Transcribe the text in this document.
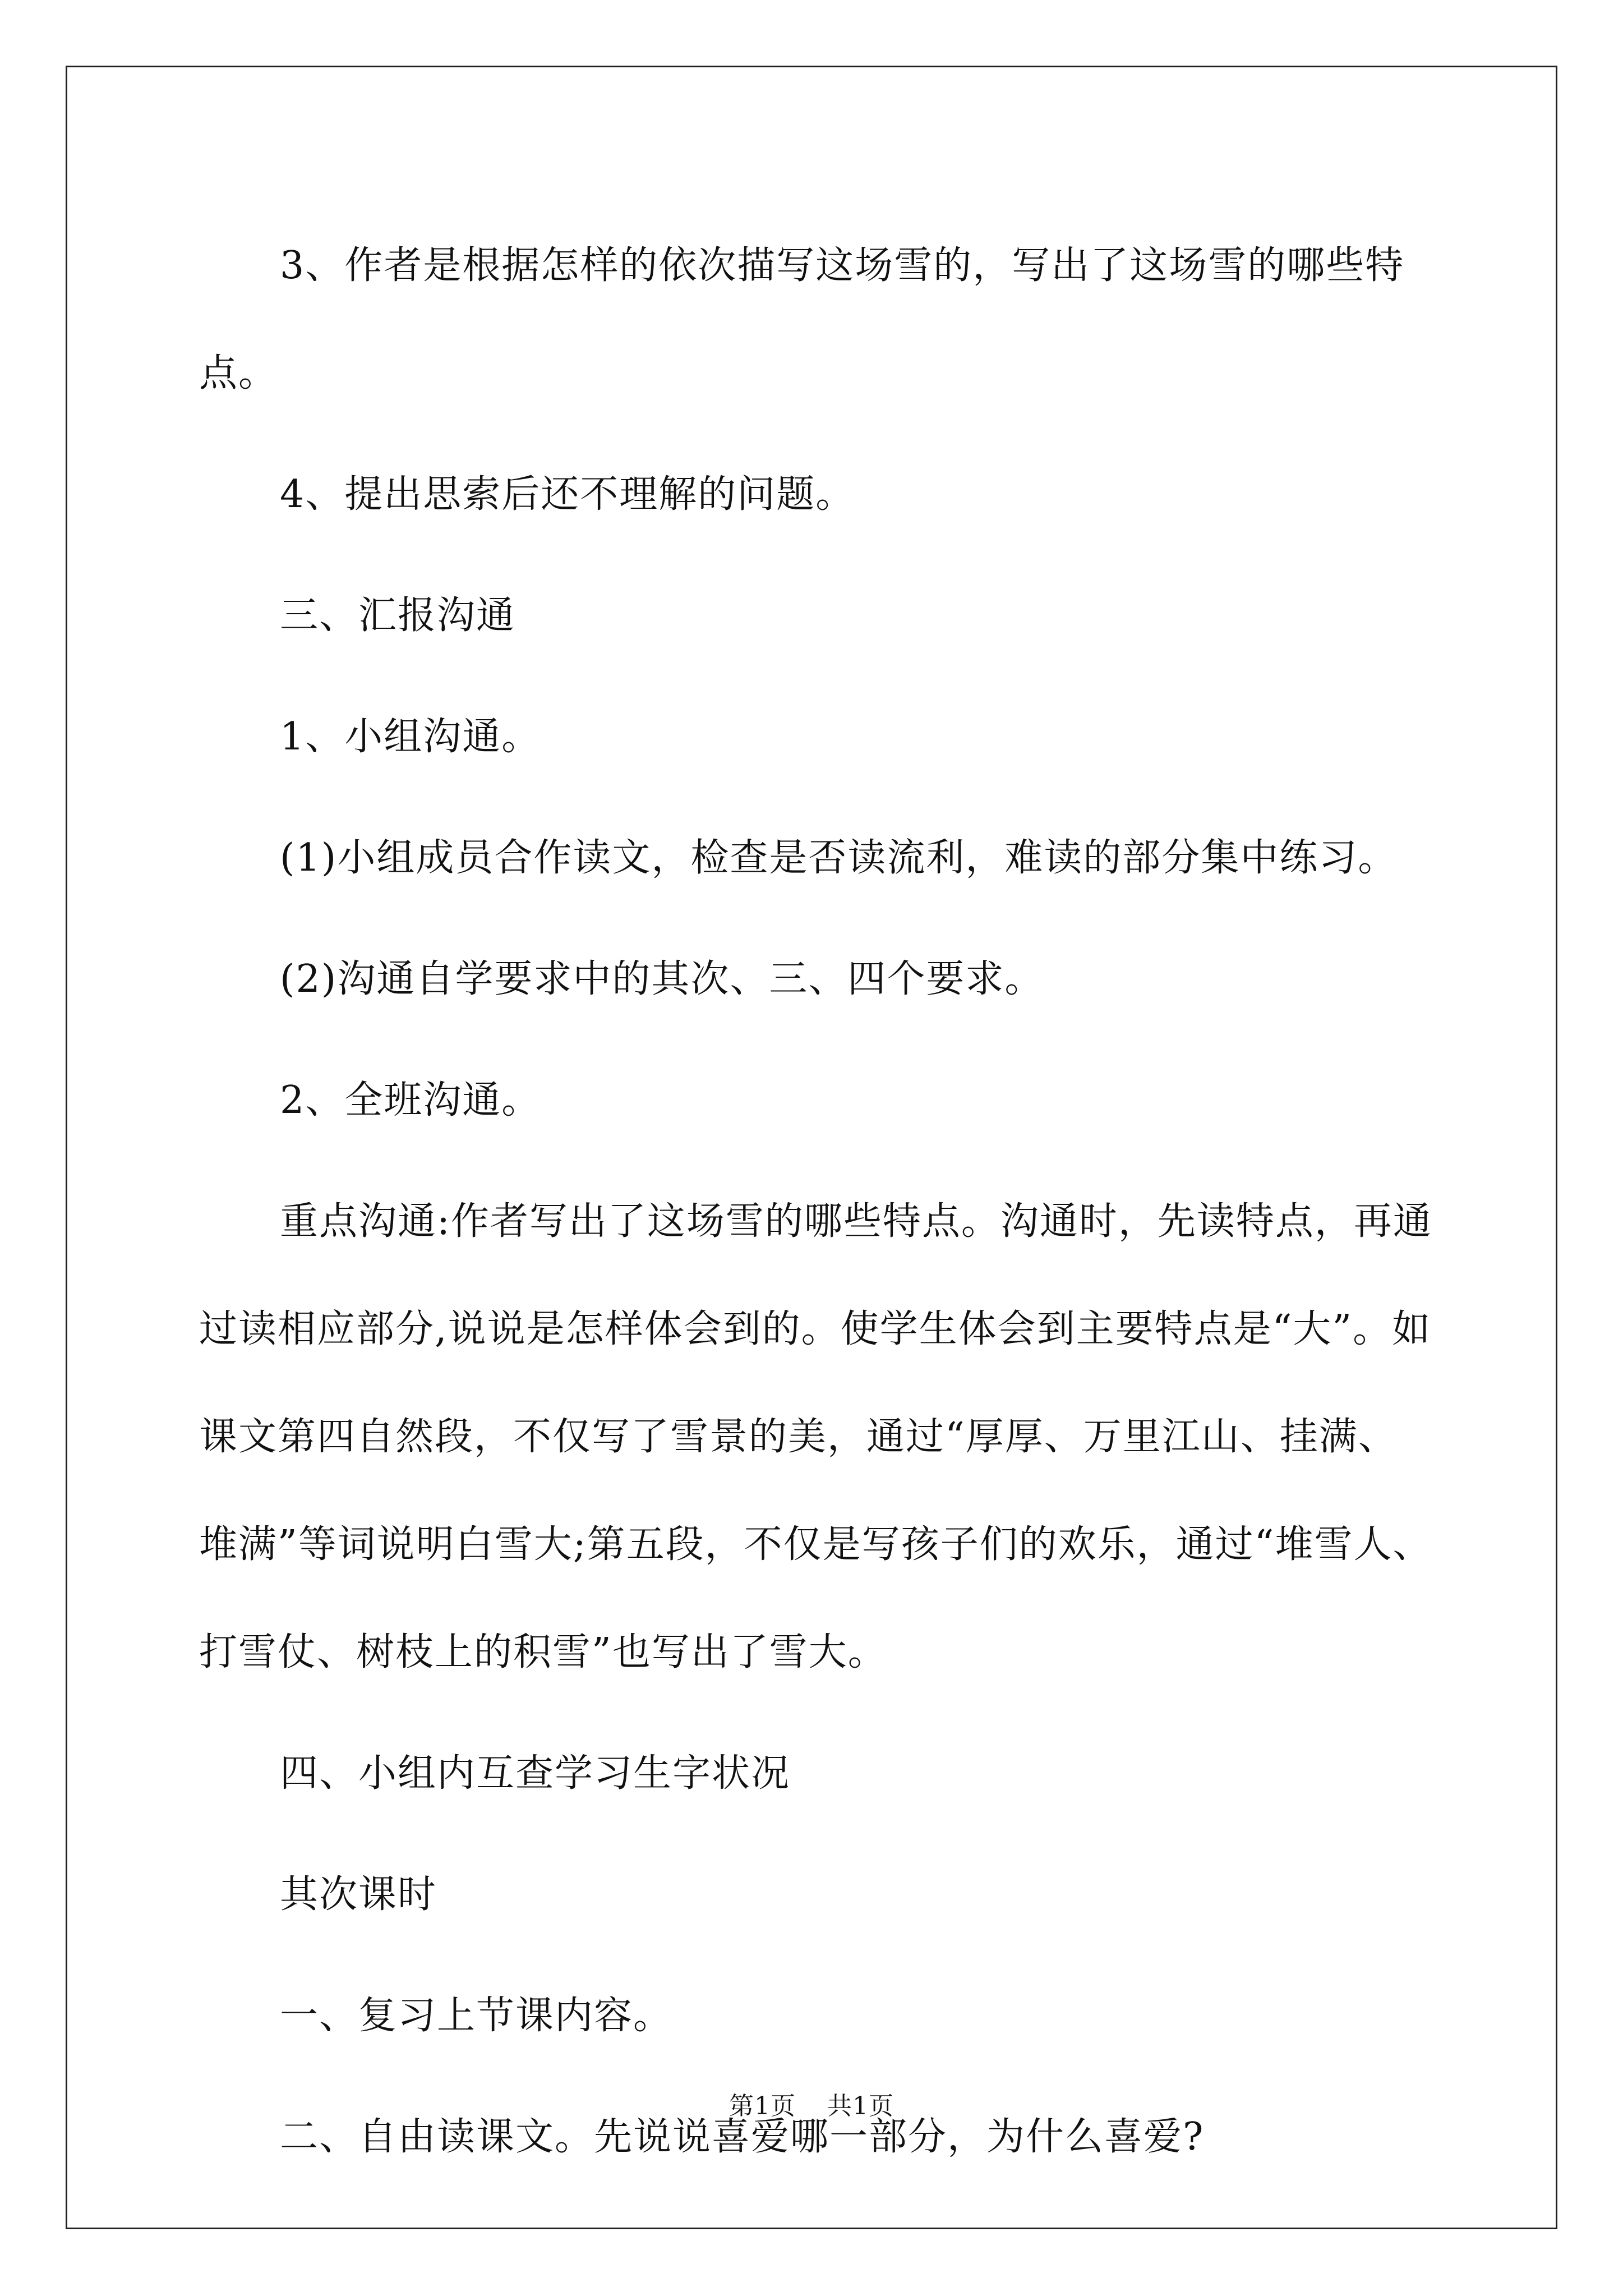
3、作者是根据怎样的依次描写这场雪的，写出了这场雪的哪些特点。

4、提出思索后还不理解的问题。

三、汇报沟通

1、小组沟通。

(1)小组成员合作读文，检查是否读流利，难读的部分集中练习。

(2)沟通自学要求中的其次、三、四个要求。

2、全班沟通。

重点沟通:作者写出了这场雪的哪些特点。沟通时，先读特点，再通过读相应部分,说说是怎样体会到的。使学生体会到主要特点是“大”。如课文第四自然段，不仅写了雪景的美，通过“厚厚、万里江山、挂满、堆满”等词说明白雪大;第五段，不仅是写孩子们的欢乐，通过“堆雪人、打雪仗、树枝上的积雪”也写出了雪大。

四、小组内互查学习生字状况

其次课时

一、复习上节课内容。

二、自由读课文。先说说喜爱哪一部分，为什么喜爱?

第1页 共1页
